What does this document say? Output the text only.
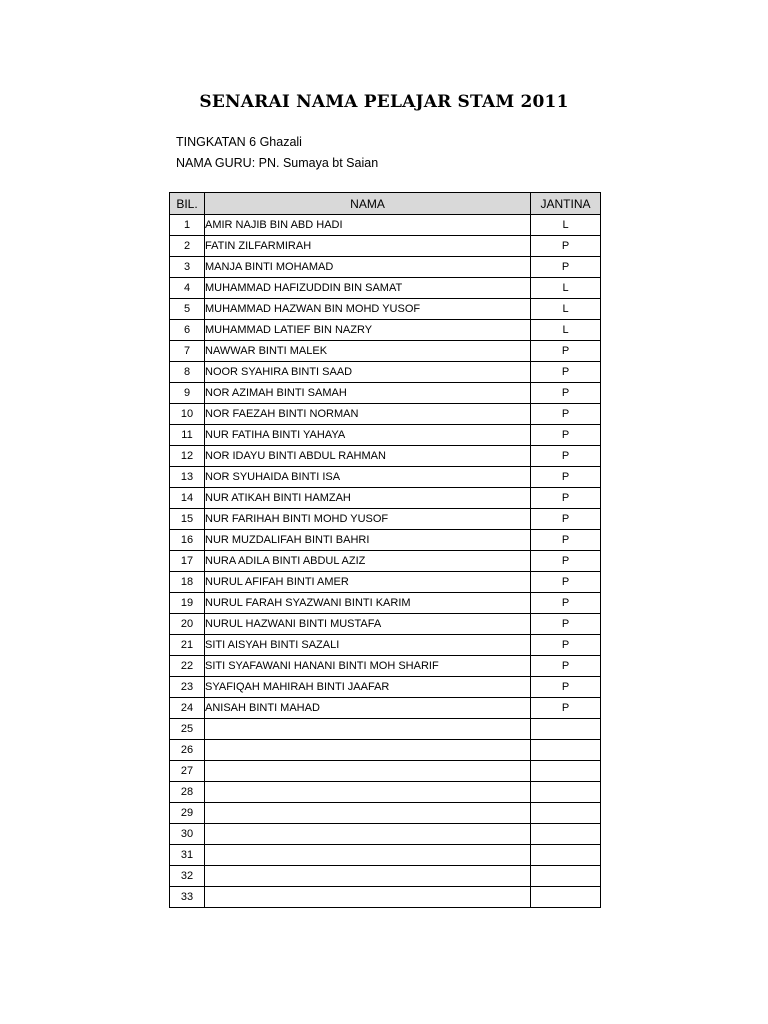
SENARAI NAMA PELAJAR STAM 2011
TINGKATAN 6 Ghazali
NAMA GURU: PN. Sumaya bt Saian
BIL.	NAMA	JANTINA
1	AMIR NAJIB BIN ABD HADI	L
2	FATIN ZILFARMIRAH	P
3	MANJA BINTI MOHAMAD	P
4	MUHAMMAD HAFIZUDDIN BIN SAMAT	L
5	MUHAMMAD HAZWAN BIN MOHD YUSOF	L
6	MUHAMMAD LATIEF BIN NAZRY	L
7	NAWWAR BINTI MALEK	P
8	NOOR SYAHIRA BINTI SAAD	P
9	NOR AZIMAH BINTI SAMAH	P
10	NOR FAEZAH BINTI NORMAN	P
11	NUR FATIHA BINTI YAHAYA	P
12	NOR IDAYU BINTI ABDUL RAHMAN	P
13	NOR SYUHAIDA BINTI ISA	P
14	NUR ATIKAH BINTI HAMZAH	P
15	NUR FARIHAH BINTI MOHD YUSOF	P
16	NUR MUZDALIFAH BINTI BAHRI	P
17	NURA ADILA BINTI ABDUL AZIZ	P
18	NURUL AFIFAH BINTI AMER	P
19	NURUL FARAH SYAZWANI BINTI KARIM	P
20	NURUL HAZWANI BINTI MUSTAFA	P
21	SITI AISYAH BINTI SAZALI	P
22	SITI SYAFAWANI HANANI BINTI MOH SHARIF	P
23	SYAFIQAH MAHIRAH BINTI JAAFAR	P
24	ANISAH BINTI MAHAD	P
25		
26		
27		
28		
29		
30		
31		
32		
33		
